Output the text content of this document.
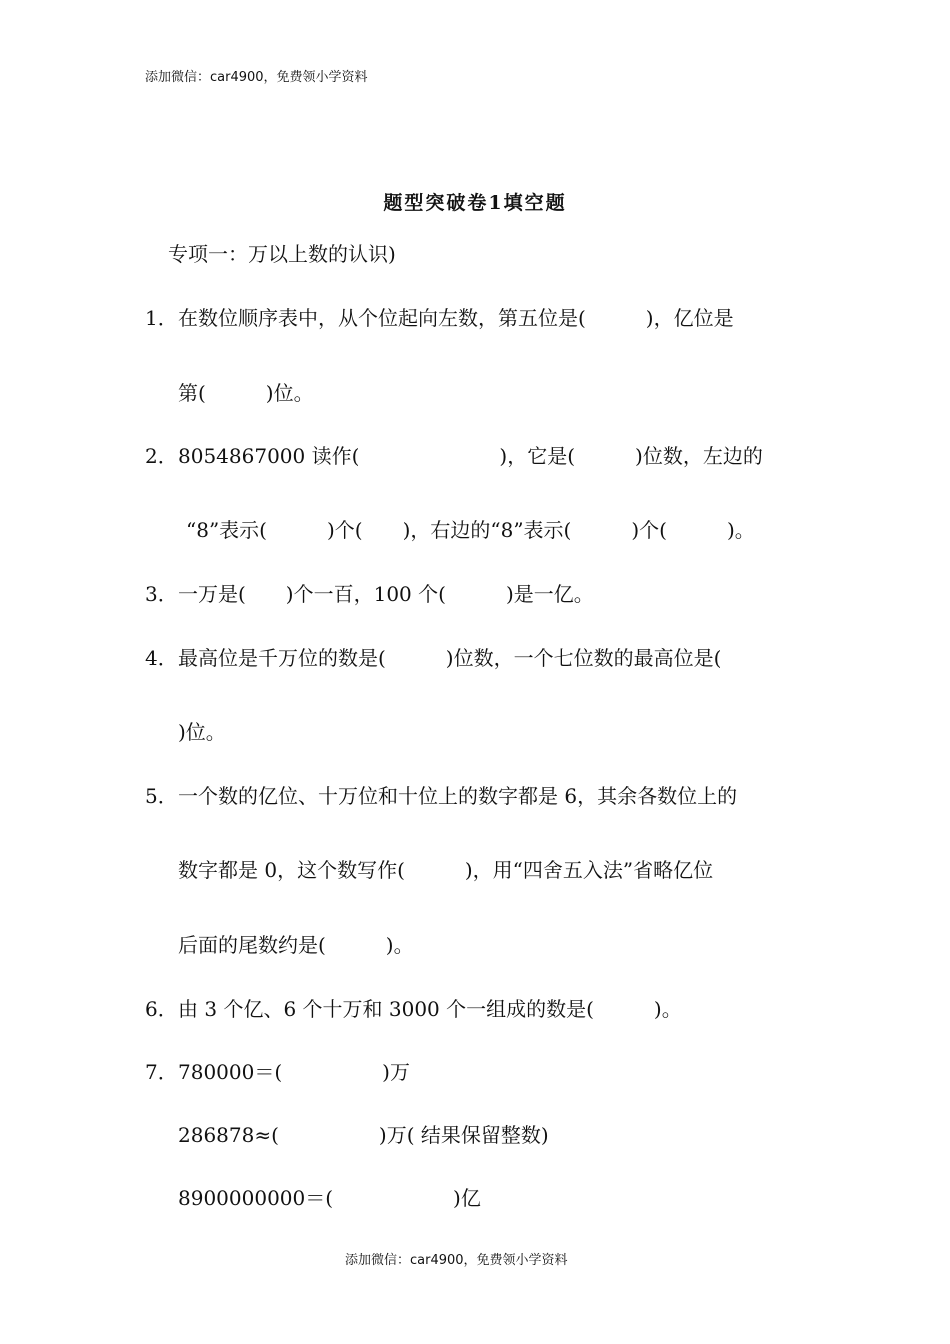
添加微信：car4900，免费领小学资料
题型突破卷1填空题
专项一：万以上数的认识)
1． 在数位顺序表中，从个位起向左数，第五位是(　　　)，亿位是
第(　　　)位。
2． 8054867000 读作(　　　　　　　)，它是(　　　)位数，左边的
“8”表示(　　　)个(　　)，右边的“8”表示(　　　)个(　　　)。
3． 一万是(　　)个一百，100 个(　　　)是一亿。
4． 最高位是千万位的数是(　　　)位数，一个七位数的最高位是(
)位。
5． 一个数的亿位、十万位和十位上的数字都是 6，其余各数位上的
数字都是 0，这个数写作(　　　)，用“四舍五入法”省略亿位
后面的尾数约是(　　　)。
6． 由 3 个亿、6 个十万和 3000 个一组成的数是(　　　)。
7． 780000＝(　　　　　)万
286878≈(　　　　　)万( 结果保留整数)
8900000000＝(　　　　　　)亿
添加微信：car4900，免费领小学资料
